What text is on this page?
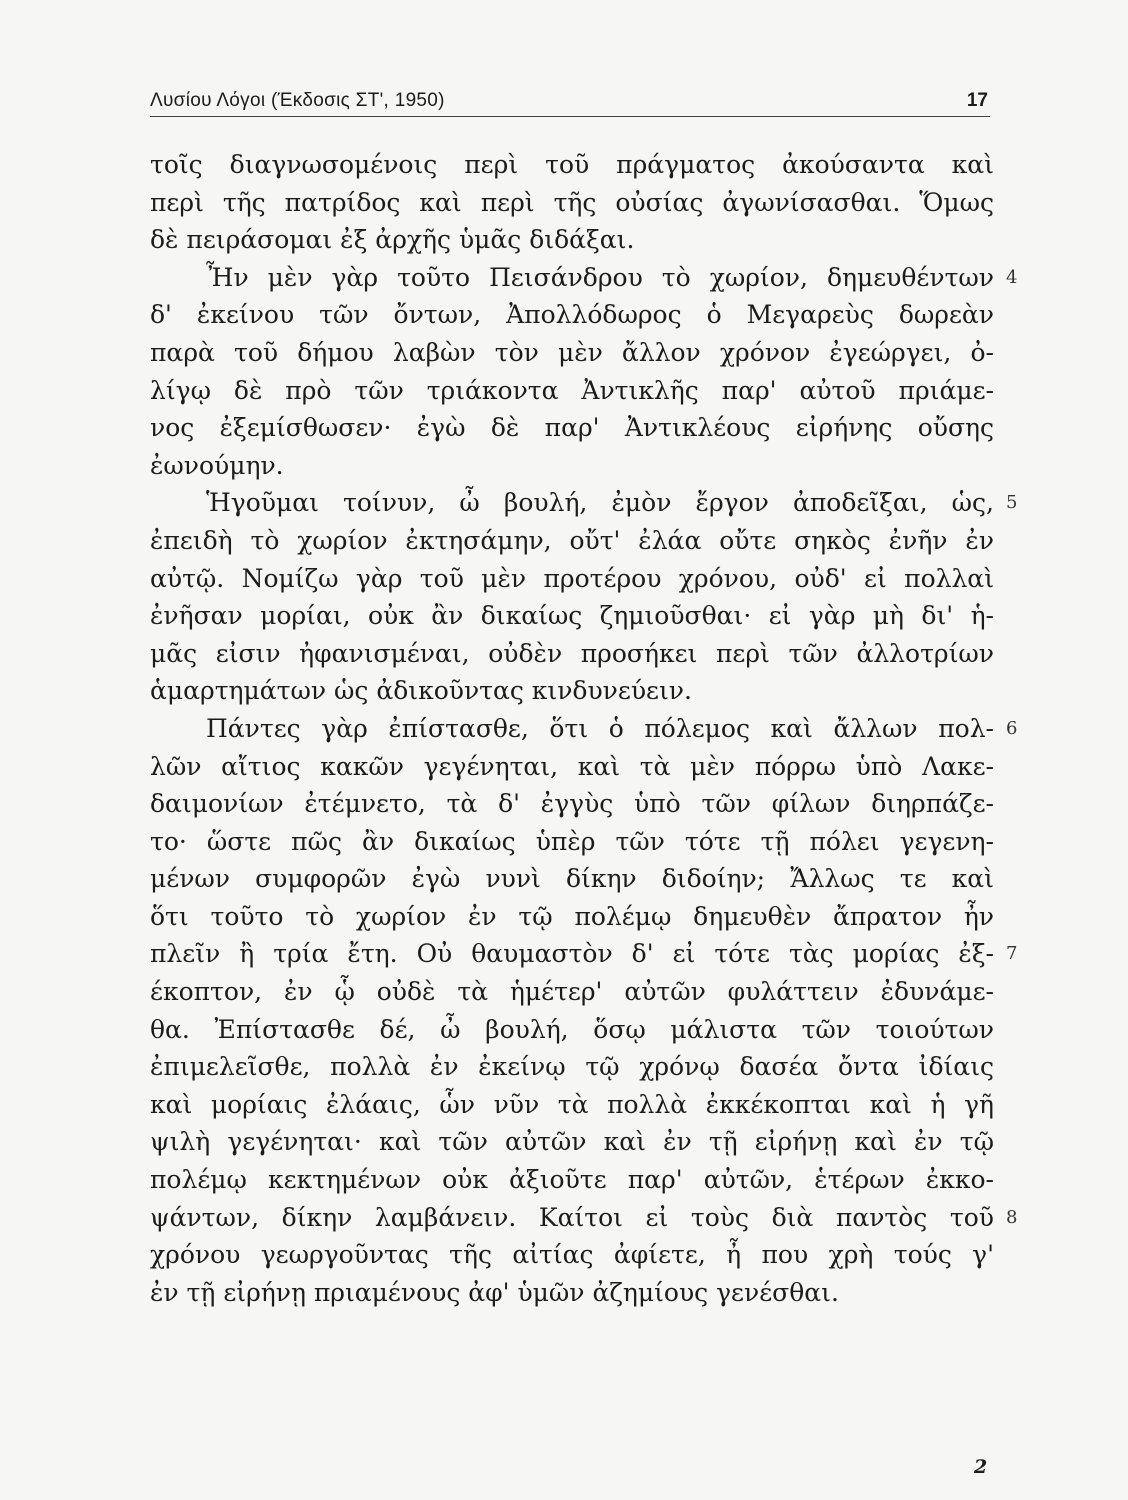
Λυσίου Λόγοι (Έκδοσις ΣΤ', 1950)	17
τοῖς διαγνωσομένοις περὶ τοῦ πράγματος ἀκούσαντα καὶ
περὶ τῆς πατρίδος καὶ περὶ τῆς οὐσίας ἀγωνίσασθαι. Ὅμως
δὲ πειράσομαι ἐξ ἀρχῆς ὑμᾶς διδάξαι.
Ἦν μὲν γὰρ τοῦτο Πεισάνδρου τὸ χωρίον, δημευθέντων 4
δ' ἐκείνου τῶν ὄντων, Ἀπολλόδωρος ὁ Μεγαρεὺς δωρεὰν
παρὰ τοῦ δήμου λαβὼν τὸν μὲν ἄλλον χρόνον ἐγεώργει, ὀ-
λίγῳ δὲ πρὸ τῶν τριάκοντα Ἀντικλῆς παρ' αὐτοῦ πριάμε-
νος ἐξεμίσθωσεν· ἐγὼ δὲ παρ' Ἀντικλέους εἰρήνης οὔσης
ἐωνούμην.
Ἡγοῦμαι τοίνυν, ὦ βουλή, ἐμὸν ἔργον ἀποδεῖξαι, ὡς, 5
ἐπειδὴ τὸ χωρίον ἐκτησάμην, οὔτ' ἐλάα οὔτε σηκὸς ἐνῆν ἐν
αὐτῷ. Νομίζω γὰρ τοῦ μὲν προτέρου χρόνου, οὐδ' εἰ πολλαὶ
ἐνῆσαν μορίαι, οὐκ ἂν δικαίως ζημιοῦσθαι· εἰ γὰρ μὴ δι' ἡ-
μᾶς εἰσιν ἠφανισμέναι, οὐδὲν προσήκει περὶ τῶν ἀλλοτρίων
ἁμαρτημάτων ὡς ἀδικοῦντας κινδυνεύειν.
Πάντες γὰρ ἐπίστασθε, ὅτι ὁ πόλεμος καὶ ἄλλων πολ- 6
λῶν αἴτιος κακῶν γεγένηται, καὶ τὰ μὲν πόρρω ὑπὸ Λακε-
δαιμονίων ἐτέμνετο, τὰ δ' ἐγγὺς ὑπὸ τῶν φίλων διηρπάζε-
το· ὥστε πῶς ἂν δικαίως ὑπὲρ τῶν τότε τῇ πόλει γεγενη-
μένων συμφορῶν ἐγὼ νυνὶ δίκην διδοίην; Ἄλλως τε καὶ
ὅτι τοῦτο τὸ χωρίον ἐν τῷ πολέμῳ δημευθὲν ἄπρατον ἦν
πλεῖν ἢ τρία ἔτη. Οὐ θαυμαστὸν δ' εἰ τότε τὰς μορίας ἐξ- 7
έκοπτον, ἐν ᾧ οὐδὲ τὰ ἡμέτερ' αὐτῶν φυλάττειν ἐδυνάμε-
θα. Ἐπίστασθε δέ, ὦ βουλή, ὅσῳ μάλιστα τῶν τοιούτων
ἐπιμελεῖσθε, πολλὰ ἐν ἐκείνῳ τῷ χρόνῳ δασέα ὄντα ἰδίαις
καὶ μορίαις ἐλάαις, ὧν νῦν τὰ πολλὰ ἐκκέκοπται καὶ ἡ γῆ
ψιλὴ γεγένηται· καὶ τῶν αὐτῶν καὶ ἐν τῇ εἰρήνῃ καὶ ἐν τῷ
πολέμῳ κεκτημένων οὐκ ἀξιοῦτε παρ' αὐτῶν, ἑτέρων ἐκκο-
ψάντων, δίκην λαμβάνειν. Καίτοι εἰ τοὺς διὰ παντὸς τοῦ 8
χρόνου γεωργοῦντας τῆς αἰτίας ἀφίετε, ἦ που χρὴ τούς γ'
ἐν τῇ εἰρήνῃ πριαμένους ἀφ' ὑμῶν ἀζημίους γενέσθαι.
2
